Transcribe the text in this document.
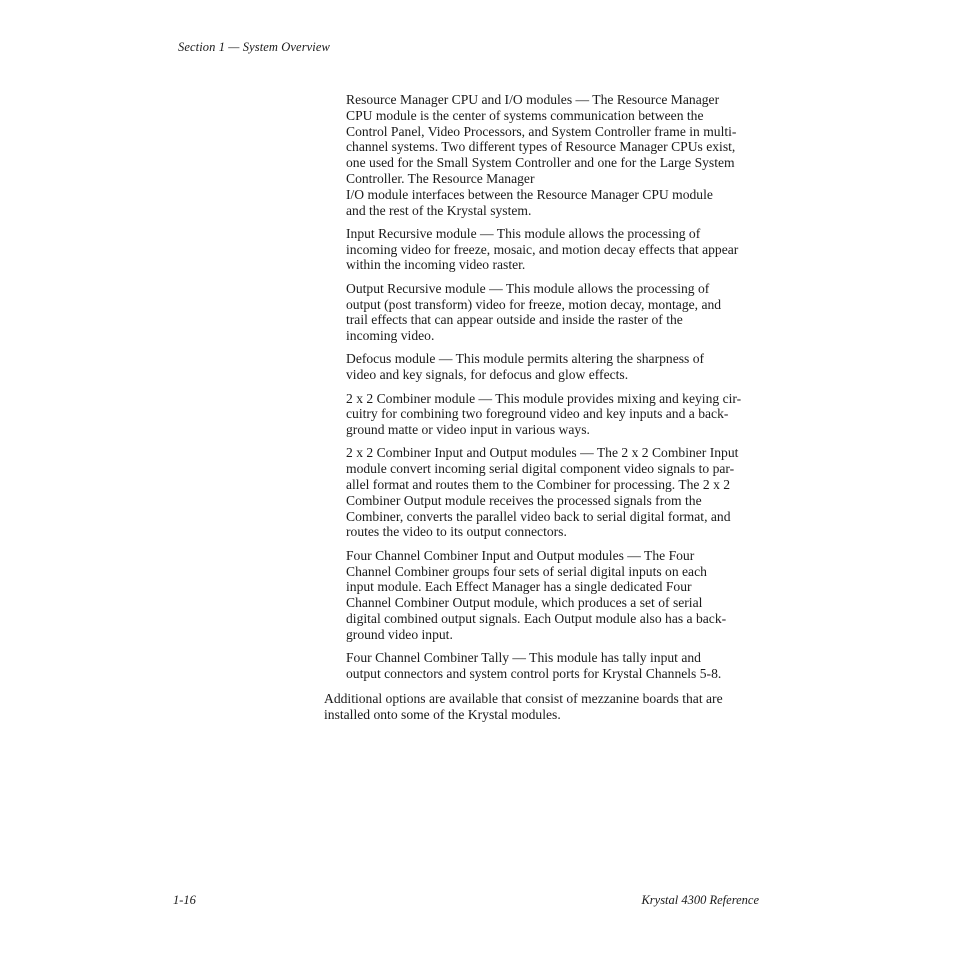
Section 1 — System Overview

Resource Manager CPU and I/O modules — The Resource Manager
CPU module is the center of systems communication between the
Control Panel, Video Processors, and System Controller frame in multi-
channel systems. Two different types of Resource Manager CPUs exist,
one used for the Small System Controller and one for the Large System
Controller. The Resource Manager
I/O module interfaces between the Resource Manager CPU module
and the rest of the Krystal system.

Input Recursive module — This module allows the processing of
incoming video for freeze, mosaic, and motion decay effects that appear
within the incoming video raster.

Output Recursive module — This module allows the processing of
output (post transform) video for freeze, motion decay, montage, and
trail effects that can appear outside and inside the raster of the
incoming video.

Defocus module — This module permits altering the sharpness of
video and key signals, for defocus and glow effects.

2 x 2 Combiner module — This module provides mixing and keying cir-
cuitry for combining two foreground video and key inputs and a back-
ground matte or video input in various ways.

2 x 2 Combiner Input and Output modules — The 2 x 2 Combiner Input
module convert incoming serial digital component video signals to par-
allel format and routes them to the Combiner for processing. The 2 x 2
Combiner Output module receives the processed signals from the
Combiner, converts the parallel video back to serial digital format, and
routes the video to its output connectors.

Four Channel Combiner Input and Output modules — The Four
Channel Combiner groups four sets of serial digital inputs on each
input module. Each Effect Manager has a single dedicated Four
Channel Combiner Output module, which produces a set of serial
digital combined output signals. Each Output module also has a back-
ground video input.

Four Channel Combiner Tally — This module has tally input and
output connectors and system control ports for Krystal Channels 5-8.

Additional options are available that consist of mezzanine boards that are
installed onto some of the Krystal modules.

1-16	Krystal 4300 Reference
